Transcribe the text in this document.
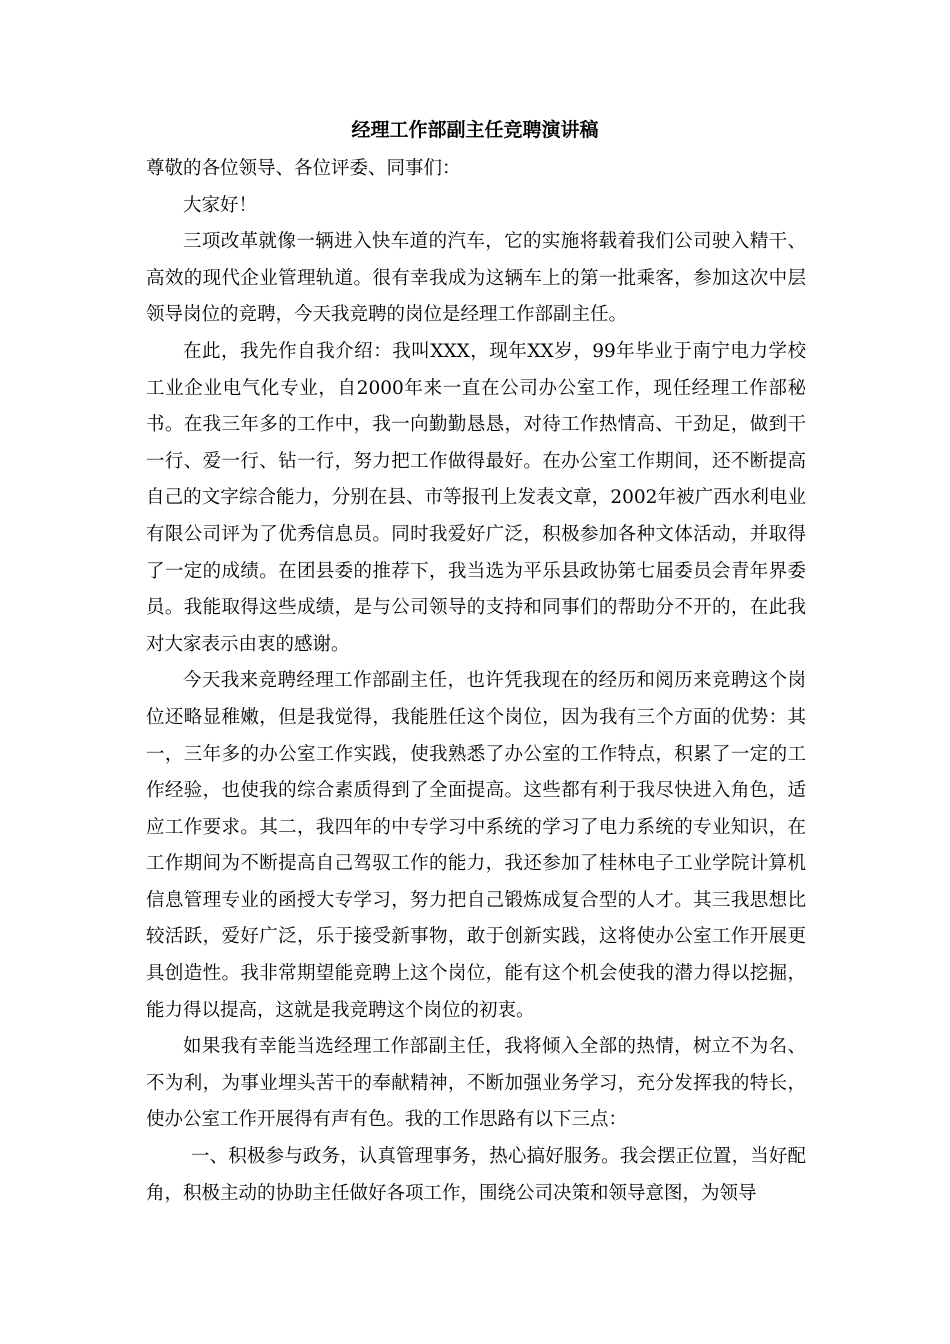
经理工作部副主任竞聘演讲稿

尊敬的各位领导、各位评委、同事们：

大家好！

三项改革就像一辆进入快车道的汽车，它的实施将载着我们公司驶入精干、高效的现代企业管理轨道。很有幸我成为这辆车上的第一批乘客，参加这次中层领导岗位的竞聘，今天我竞聘的岗位是经理工作部副主任。

在此，我先作自我介绍：我叫XXX，现年XX岁，99年毕业于南宁电力学校工业企业电气化专业，自2000年来一直在公司办公室工作，现任经理工作部秘书。在我三年多的工作中，我一向勤勤恳恳，对待工作热情高、干劲足，做到干一行、爱一行、钻一行，努力把工作做得最好。在办公室工作期间，还不断提高自己的文字综合能力，分别在县、市等报刊上发表文章，2002年被广西水利电业有限公司评为了优秀信息员。同时我爱好广泛，积极参加各种文体活动，并取得了一定的成绩。在团县委的推荐下，我当选为平乐县政协第七届委员会青年界委员。我能取得这些成绩，是与公司领导的支持和同事们的帮助分不开的，在此我对大家表示由衷的感谢。

今天我来竞聘经理工作部副主任，也许凭我现在的经历和阅历来竞聘这个岗位还略显稚嫩，但是我觉得，我能胜任这个岗位，因为我有三个方面的优势：其一，三年多的办公室工作实践，使我熟悉了办公室的工作特点，积累了一定的工作经验，也使我的综合素质得到了全面提高。这些都有利于我尽快进入角色，适应工作要求。其二，我四年的中专学习中系统的学习了电力系统的专业知识，在工作期间为不断提高自己驾驭工作的能力，我还参加了桂林电子工业学院计算机信息管理专业的函授大专学习，努力把自己锻炼成复合型的人才。其三我思想比较活跃，爱好广泛，乐于接受新事物，敢于创新实践，这将使办公室工作开展更具创造性。我非常期望能竞聘上这个岗位，能有这个机会使我的潜力得以挖掘，能力得以提高，这就是我竞聘这个岗位的初衷。

如果我有幸能当选经理工作部副主任，我将倾入全部的热情，树立不为名、不为利，为事业埋头苦干的奉献精神，不断加强业务学习，充分发挥我的特长，使办公室工作开展得有声有色。我的工作思路有以下三点：

一、积极参与政务，认真管理事务，热心搞好服务。我会摆正位置，当好配角，积极主动的协助主任做好各项工作，围绕公司决策和领导意图，为领导
